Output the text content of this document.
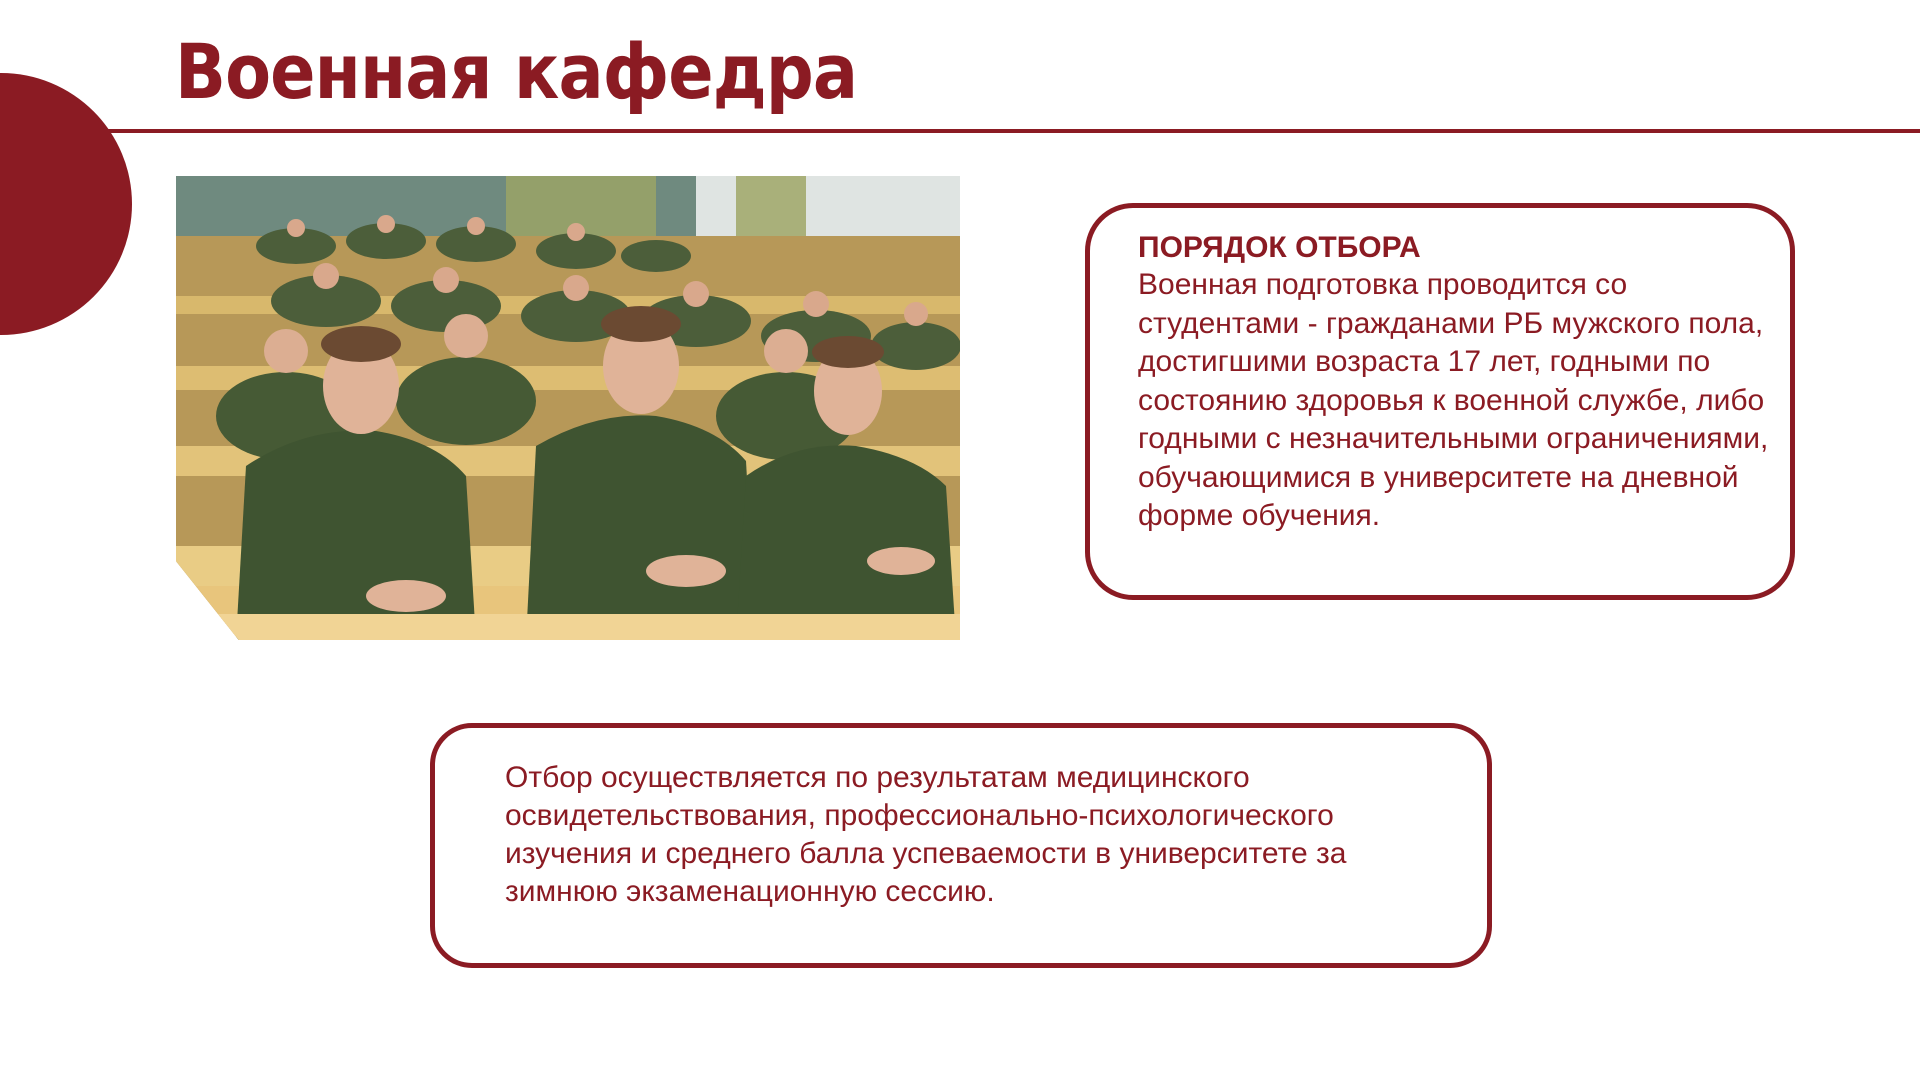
Военная кафедра

ПОРЯДОК ОТБОРА

Военная подготовка проводится со студентами - гражданами РБ мужского пола, достигшими возраста 17 лет, годными по состоянию здоровья к военной службе, либо годными с незначительными ограничениями, обучающимися в университете на дневной форме обучения.

Отбор осуществляется по результатам медицинского освидетельствования, профессионально-психологического изучения и среднего балла успеваемости в университете за зимнюю экзаменационную сессию.
